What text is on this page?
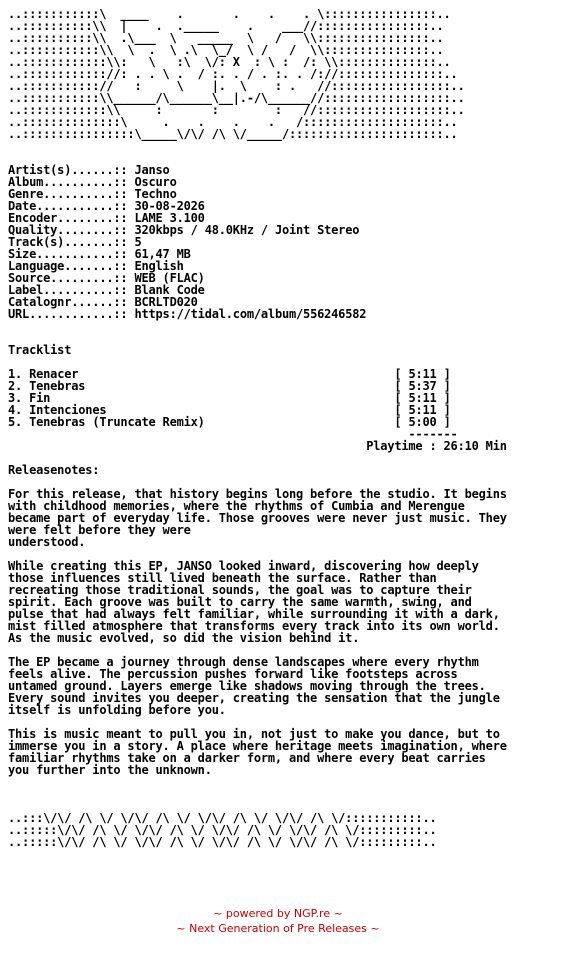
..:::::::::::\  ____    .       .    .    . \::::::::::::::::..
..::::::::::\\  |    .  ._____    .    ___//::::::::::::::::..
..::::::::::\\  .\___  \   _____  \   /   \\::::::::::::::::..
..:::::::::::\\  \  .  \ .\  \_/  \ /   /  \\:::::::::::::::..
..::::::::::::\\:   \   :\  \/: X  : \ :  /: \\::::::::::::::..
..:::::::::::://: . . \ .  / :. . / . :. . /://:::::::::::::::..
..::::::::::://   :     \    |.  \    : .   //:::::::::::::::::..
..:::::::::::\\______/\______\__|.-/\______//::::::::::::::::::..
..::::::::::::\\     :       :        :   //:::::::::::::::::::..
..::::::::::::::\     .    .    .    .   /::::::::::::::::::::..
..::::::::::::::::\_____\/\/ /\ \/_____/::::::::::::::::::::::..

Artist(s)......:: Janso
Album..........:: Oscuro
Genre..........:: Techno
Date...........:: 30-08-2026
Encoder........:: LAME 3.100
Quality........:: 320kbps / 48.0KHz / Joint Stereo
Track(s).......:: 5
Size...........:: 61,47 MB
Language.......:: English
Source.........:: WEB (FLAC)
Label..........:: Blank Code
Catalognr......:: BCRLTD020
URL............:: https://tidal.com/album/556246582

Tracklist

1. Renacer	[ 5:11 ]
2. Tenebras	[ 5:37 ]
3. Fin	[ 5:11 ]
4. Intenciones	[ 5:11 ]
5. Tenebras (Truncate Remix)	[ 5:00 ]
-------
Playtime : 26:10 Min

Releasenotes:

For this release, that history begins long before the studio. It begins
with childhood memories, where the rhythms of Cumbia and Merengue
became part of everyday life. Those grooves were never just music. They
were felt before they were
understood.

While creating this EP, JANSO looked inward, discovering how deeply
those influences still lived beneath the surface. Rather than
recreating those traditional sounds, the goal was to capture their
spirit. Each groove was built to carry the same warmth, swing, and
pulse that had always felt familiar, while surrounding it with a dark,
mist filled atmosphere that transforms every track into its own world.
As the music evolved, so did the vision behind it.

The EP became a journey through dense landscapes where every rhythm
feels alive. The percussion pushes forward like footsteps across
untamed ground. Layers emerge like shadows moving through the trees.
Every sound invites you deeper, creating the sensation that the jungle
itself is unfolding before you.

This is music meant to pull you in, not just to make you dance, but to
immerse you in a story. A place where heritage meets imagination, where
familiar rhythms take on a darker form, and where every beat carries
you further into the unknown.

..:::\/\/ /\ \/ \/\/ /\ \/ \/\/ /\ \/ \/\/ /\ \/:::::::::::..
..:::::\/\/ /\ \/ \/\/ /\ \/ \/\/ /\ \/ \/\/ /\ \/:::::::::..
..:::::\/\/ /\ \/ \/\/ /\ \/ \/\/ /\ \/ \/\/ /\ \/:::::::::..

~ powered by NGP.re ~
~ Next Generation of Pre Releases ~
